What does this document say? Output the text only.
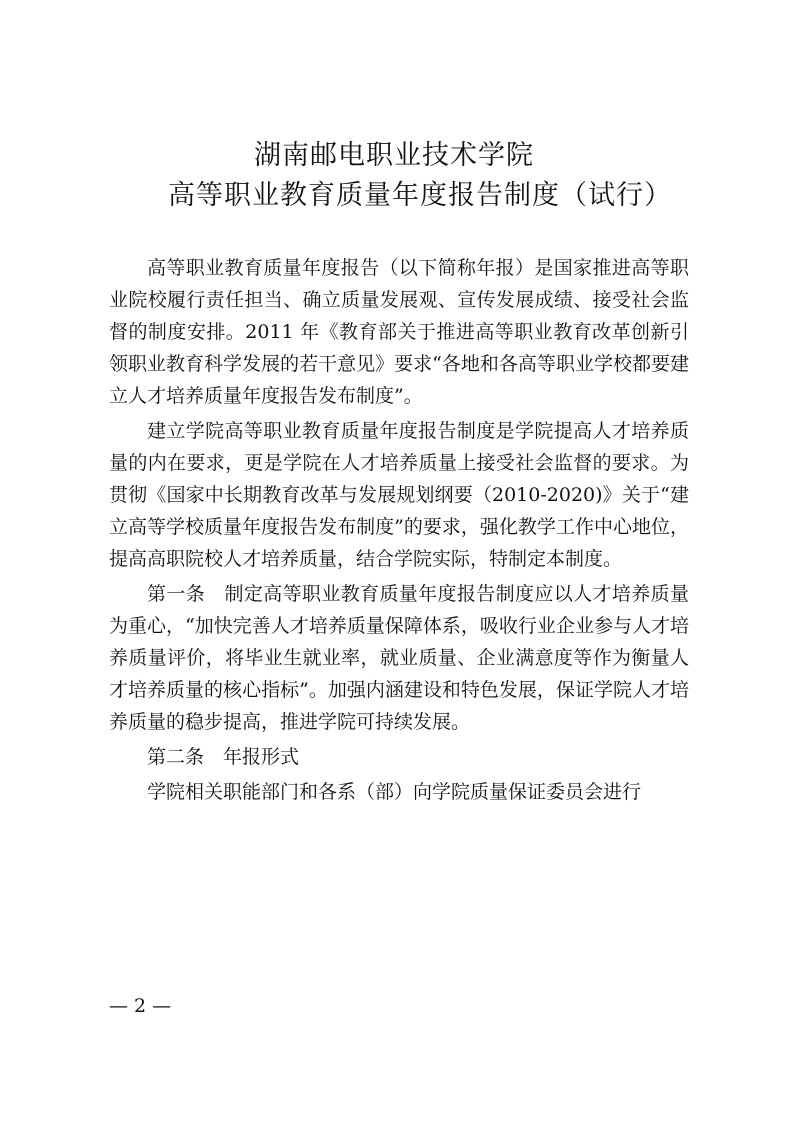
湖南邮电职业技术学院
高等职业教育质量年度报告制度（试行）

高等职业教育质量年度报告（以下简称年报）是国家推进高等职业院校履行责任担当、确立质量发展观、宣传发展成绩、接受社会监督的制度安排。2011 年《教育部关于推进高等职业教育改革创新引领职业教育科学发展的若干意见》要求“各地和各高等职业学校都要建立人才培养质量年度报告发布制度”。

建立学院高等职业教育质量年度报告制度是学院提高人才培养质量的内在要求，更是学院在人才培养质量上接受社会监督的要求。为贯彻《国家中长期教育改革与发展规划纲要（2010-2020)》关于“建立高等学校质量年度报告发布制度”的要求，强化教学工作中心地位，提高高职院校人才培养质量，结合学院实际，特制定本制度。

第一条　制定高等职业教育质量年度报告制度应以人才培养质量为重心，“加快完善人才培养质量保障体系，吸收行业企业参与人才培养质量评价，将毕业生就业率，就业质量、企业满意度等作为衡量人才培养质量的核心指标”。加强内涵建设和特色发展，保证学院人才培养质量的稳步提高，推进学院可持续发展。

第二条　年报形式

学院相关职能部门和各系（部）向学院质量保证委员会进行

— 2 —
